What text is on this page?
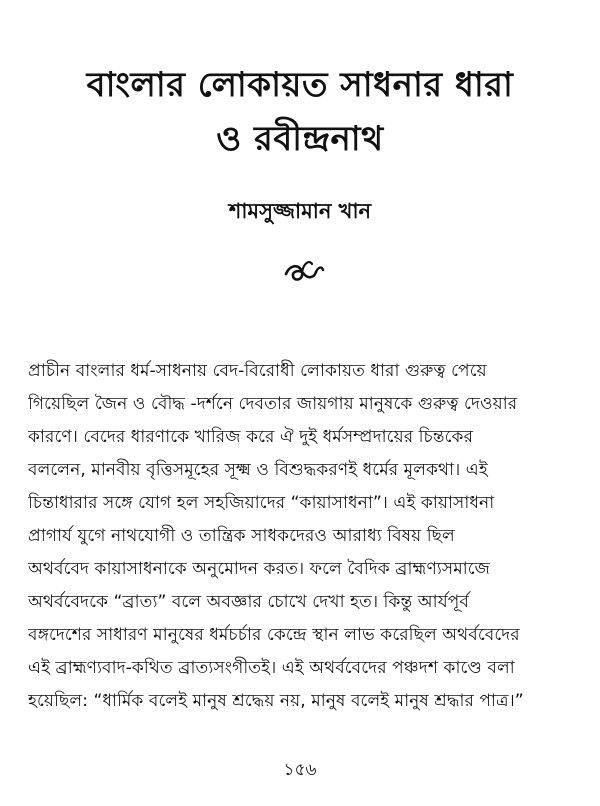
বাংলার লোকায়ত সাধনার ধারা
ও রবীন্দ্রনাথ
শামসুজ্জামান খান
প্রাচীন বাংলার ধর্ম-সাধনায় বেদ-বিরোধী লোকায়ত ধারা গুরুত্ব পেয়ে
গিয়েছিল জৈন ও বৌদ্ধ -দর্শনে দেবতার জায়গায় মানুষকে গুরুত্ব দেওয়ার
কারণে। বেদের ধারণাকে খারিজ করে ঐ দুই ধর্মসম্প্রদায়ের চিন্তকের
বললেন, মানবীয় বৃত্তিসমূহের সূক্ষ্ম ও বিশুদ্ধকরণই ধর্মের মূলকথা। এই
চিন্তাধারার সঙ্গে যোগ হল সহজিয়াদের “কায়াসাধনা”। এই কায়াসাধনা
প্রাগার্য যুগে নাথযোগী ও তান্ত্রিক সাধকদেরও আরাধ্য বিষয় ছিল
অথর্ববেদ কায়াসাধনাকে অনুমোদন করত। ফলে বৈদিক ব্রাহ্মণ্যসমাজে
অথর্ববেদকে “ব্রাত্য” বলে অবজ্ঞার চোখে দেখা হত। কিন্তু আর্যপূর্ব
বঙ্গদেশের সাধারণ মানুষের ধর্মচর্চার কেন্দ্রে স্থান লাভ করেছিল অথর্ববেদের
এই ব্রাহ্মণ্যবাদ-কথিত ব্রাত্যসংগীতই। এই অথর্ববেদের পঞ্চদশ কাণ্ডে বলা
হয়েছিল: “ধার্মিক বলেই মানুষ শ্রদ্ধেয় নয়, মানুষ বলেই মানুষ শ্রদ্ধার পাত্র।”
১৫৬
